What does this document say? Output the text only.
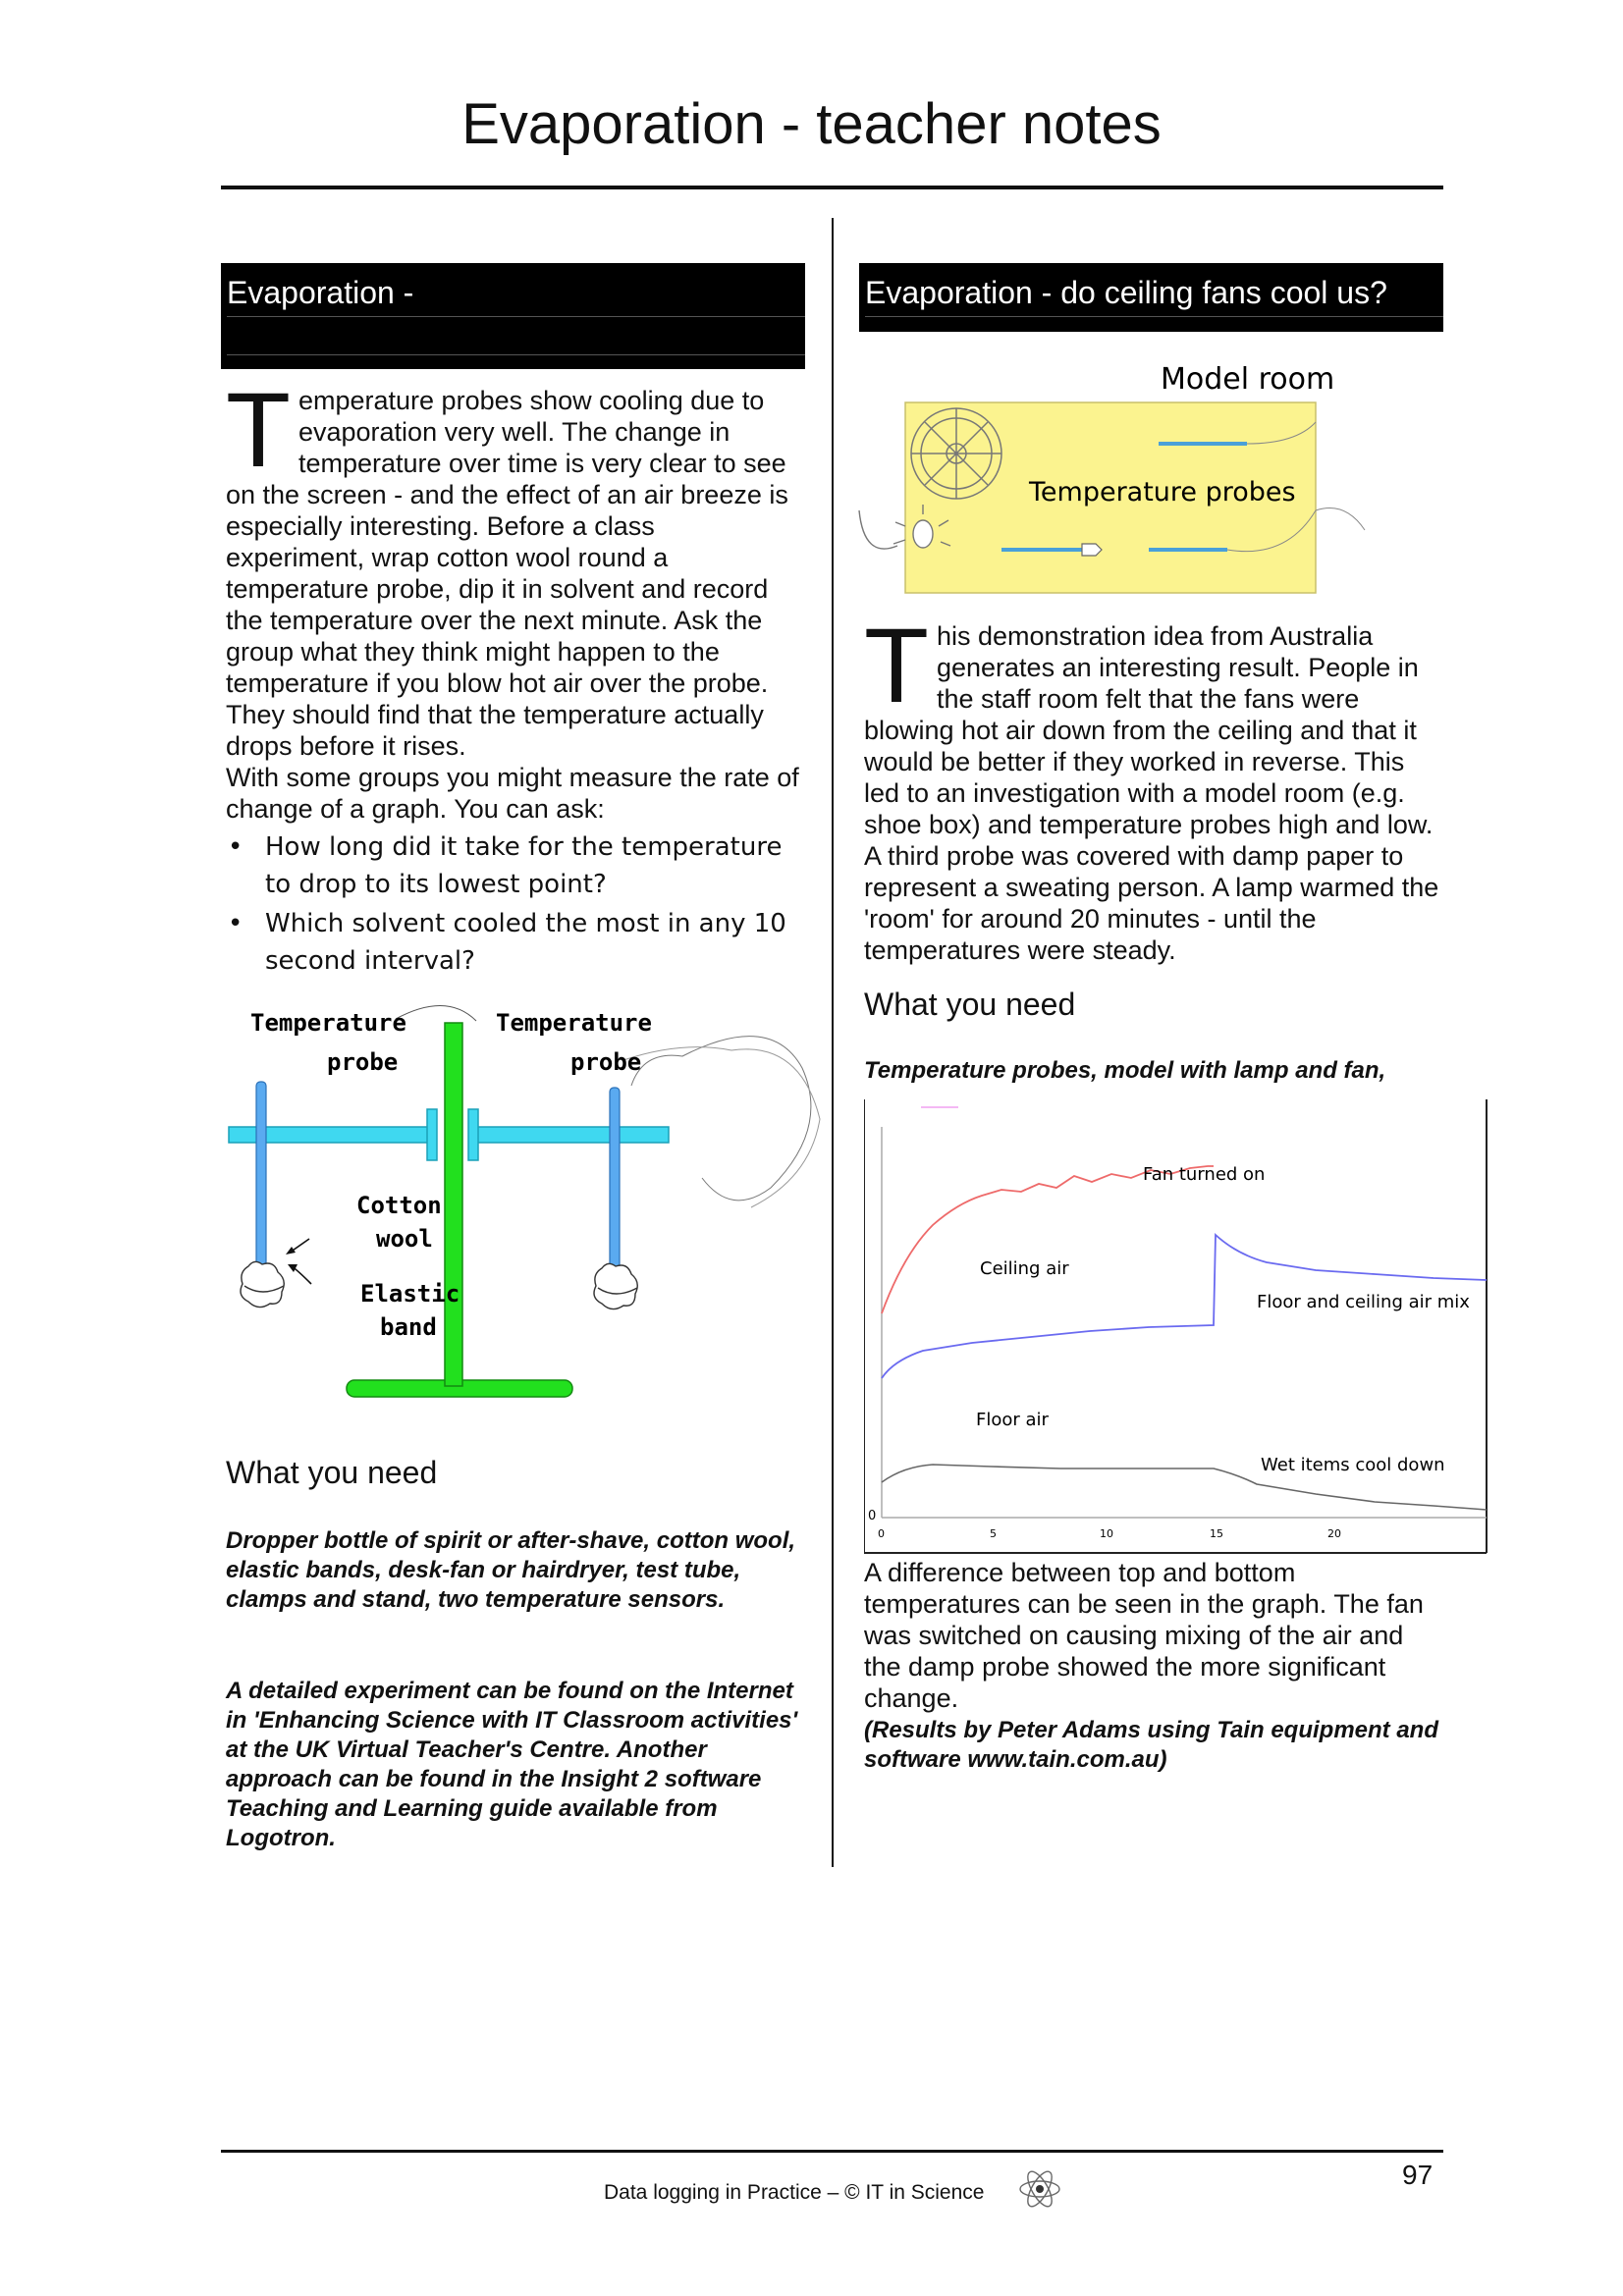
Evaporation - teacher notes
Evaporation -
T emperature probes show cooling due to evaporation very well. The change in temperature over time is very clear to see on the screen - and the effect of an air breeze is especially interesting. Before a class experiment, wrap cotton wool round a temperature probe, dip it in solvent and record the temperature over the next minute. Ask the group what they think might happen to the temperature if you blow hot air over the probe. They should find that the temperature actually drops before it rises.
With some groups you might measure the rate of change of a graph. You can ask:
• How long did it take for the temperature to drop to its lowest point?
• Which solvent cooled the most in any 10 second interval?
Temperature
probe
Temperature
probe
Cotton
wool
Elastic
band
What you need
Dropper bottle of spirit or after-shave, cotton wool, elastic bands, desk-fan or hairdryer, test tube, clamps and stand, two temperature sensors.
A detailed experiment can be found on the Internet in 'Enhancing Science with IT Classroom activities' at the UK Virtual Teacher's Centre. Another approach can be found in the Insight 2 software Teaching and Learning guide available from Logotron.
Evaporation - do ceiling fans cool us?
Model room
Temperature probes
T his demonstration idea from Australia generates an interesting result. People in the staff room felt that the fans were blowing hot air down from the ceiling and that it would be better if they worked in reverse. This led to an investigation with a model room (e.g. shoe box) and temperature probes high and low. A third probe was covered with damp paper to represent a sweating person. A lamp warmed the 'room' for around 20 minutes - until the temperatures were steady.
What you need
Temperature probes, model with lamp and fan,
Fan turned on
Ceiling air
Floor and ceiling air mix
Floor air
Wet items cool down
0
0	5	10	15	20
A difference between top and bottom temperatures can be seen in the graph. The fan was switched on causing mixing of the air and the damp probe showed the more significant change.
(Results by Peter Adams using Tain equipment and software www.tain.com.au)
97
Data logging in Practice – © IT in Science
